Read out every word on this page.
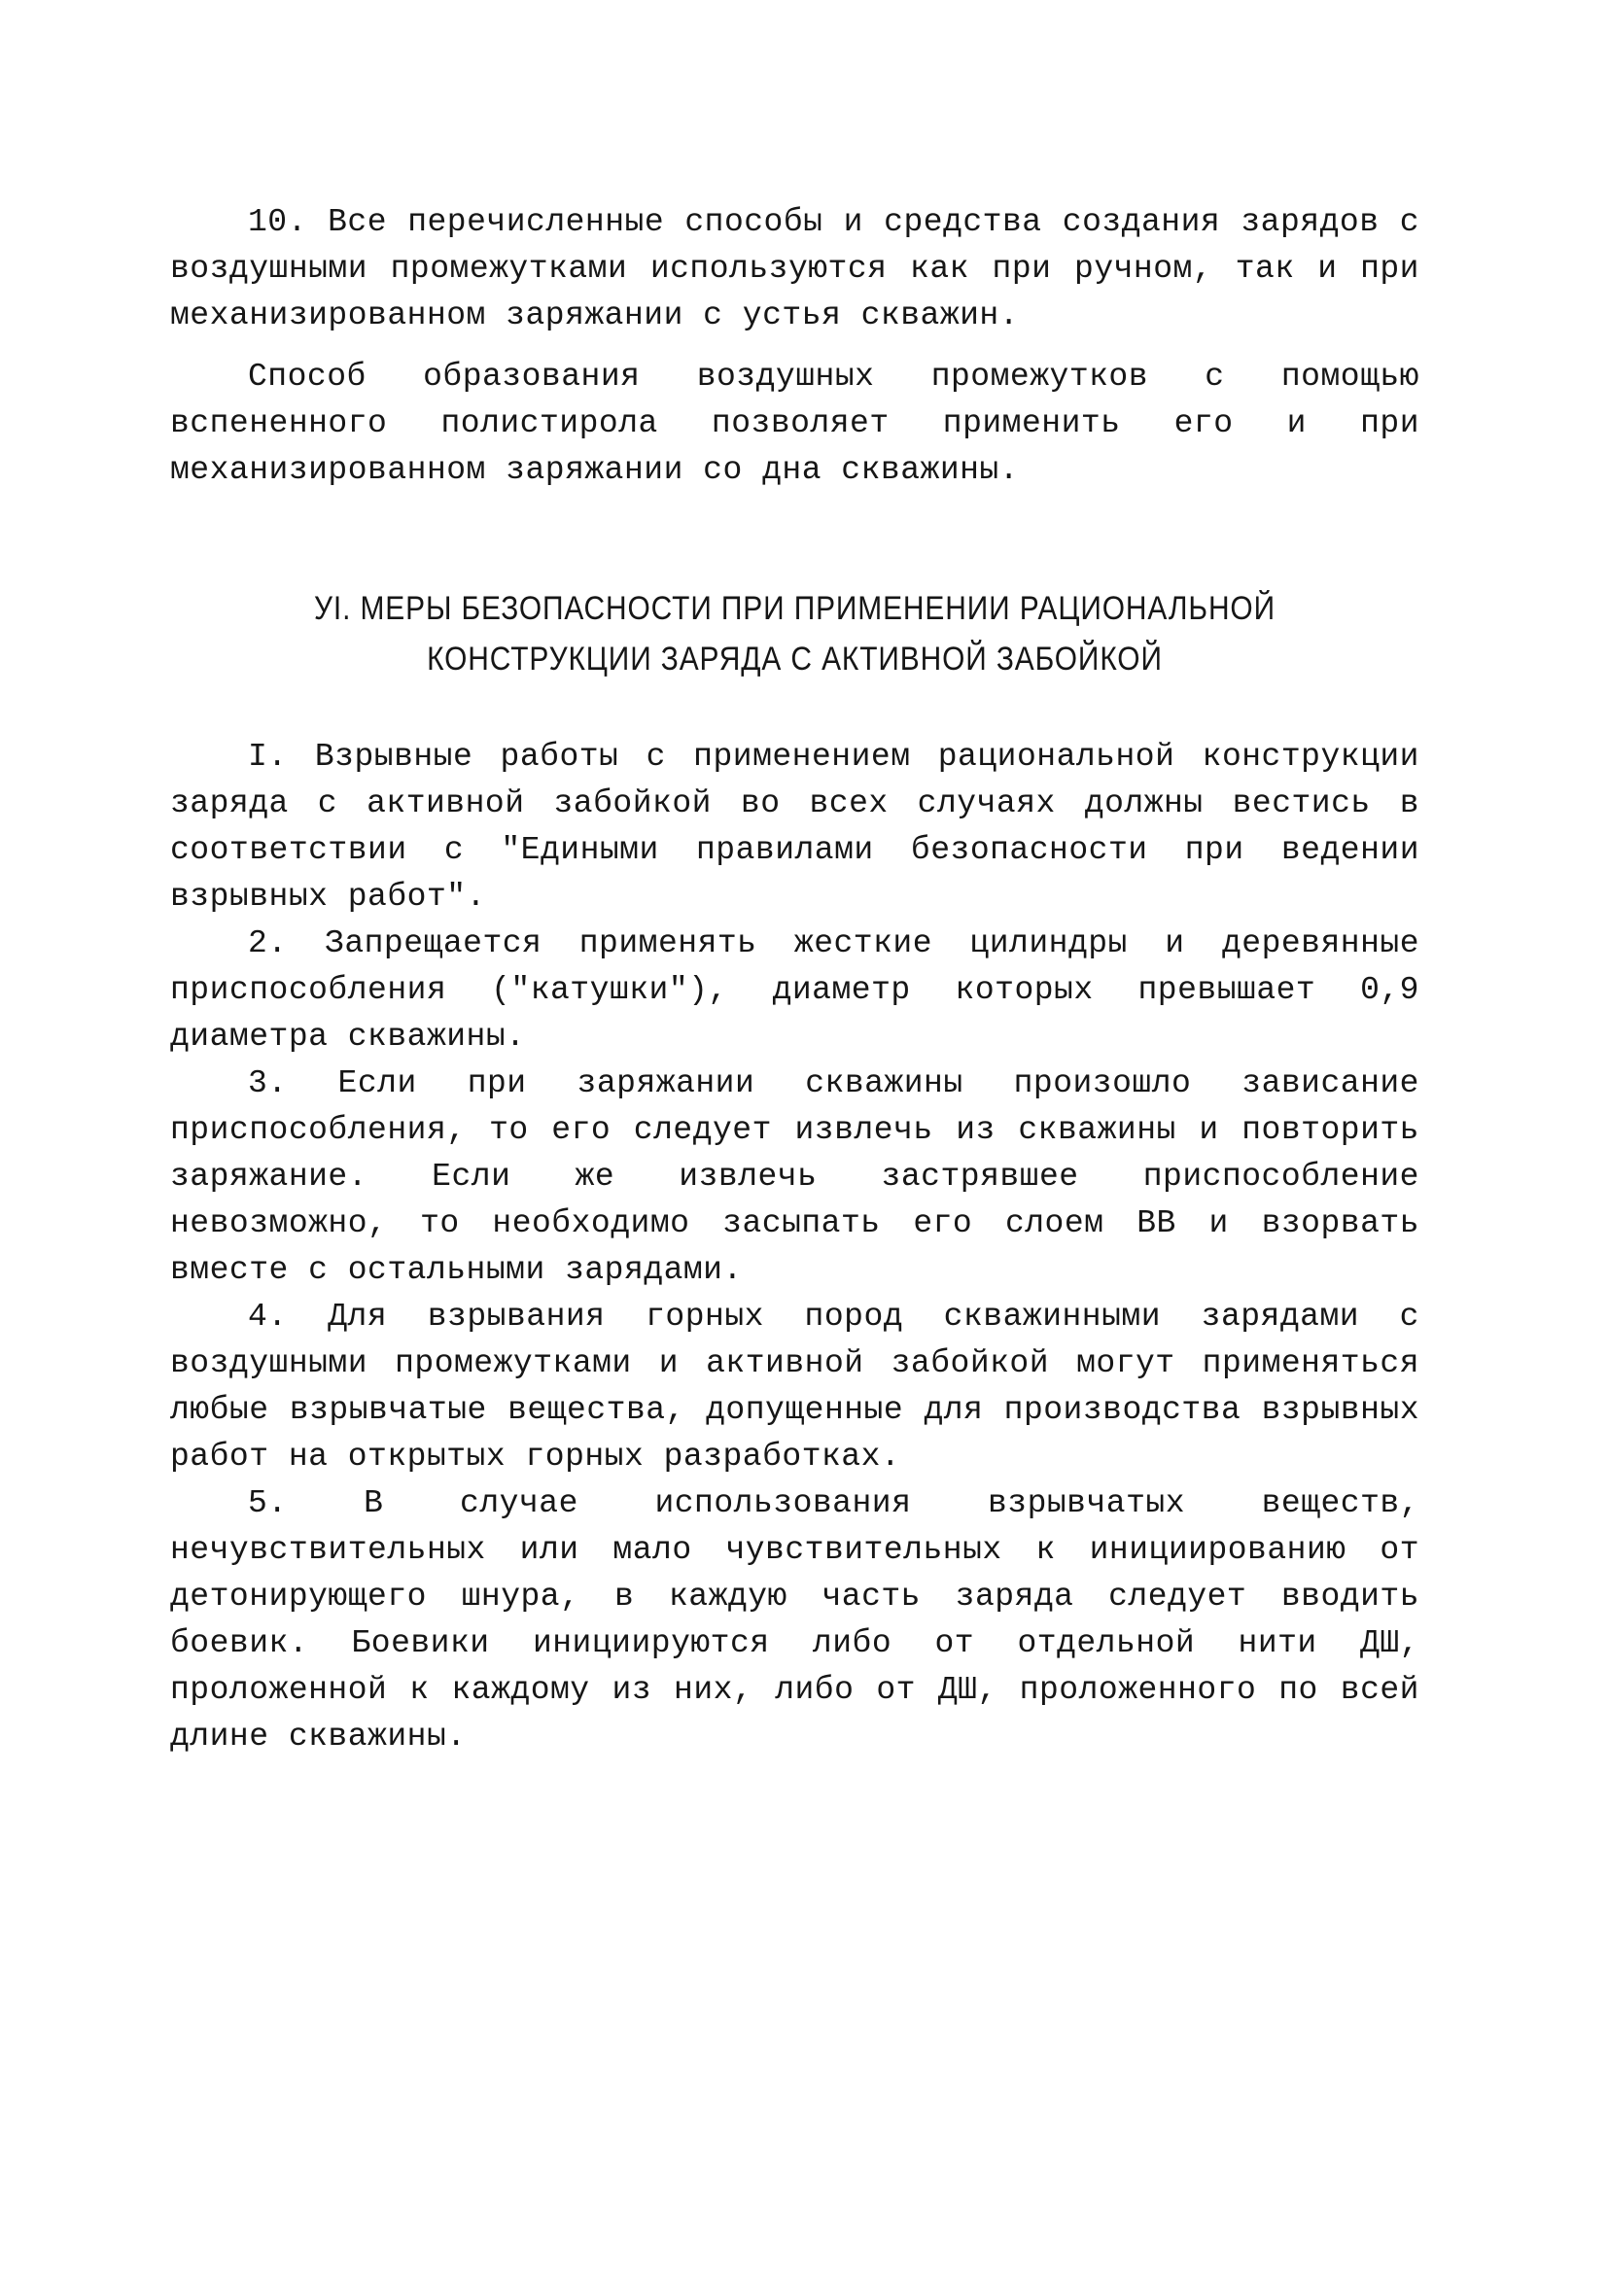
10. Все перечисленные способы и средства создания зарядов с воздушными промежутками используются как при ручном, так и при механизированном заряжании с устья скважин.

Способ образования воздушных промежутков с помощью вспененного полистирола позволяет применить его и при механизированном заряжании со дна скважины.

УI. МЕРЫ БЕЗОПАСНОСТИ ПРИ ПРИМЕНЕНИИ РАЦИОНАЛЬНОЙ
КОНСТРУКЦИИ ЗАРЯДА С АКТИВНОЙ ЗАБОЙКОЙ

I. Взрывные работы с применением рациональной конструкции заряда с активной забойкой во всех случаях должны вестись в соответствии с "Едиными правилами безопасности при ведении взрывных работ".

2. Запрещается применять жесткие цилиндры и деревянные приспособления ("катушки"), диаметр которых превышает 0,9 диаметра скважины.

3. Если при заряжании скважины произошло зависание приспособления, то его следует извлечь из скважины и повторить заряжание. Если же извлечь застрявшее приспособление невозможно, то необходимо засыпать его слоем ВВ и взорвать вместе с остальными зарядами.

4. Для взрывания горных пород скважинными зарядами с воздушными промежутками и активной забойкой могут применяться любые взрывчатые вещества, допущенные для производства взрывных работ на открытых горных разработках.

5. В случае использования взрывчатых веществ, нечувствительных или мало чувствительных к инициированию от детонирующего шнура, в каждую часть заряда следует вводить боевик. Боевики инициируются либо от отдельной нити ДШ, проложенной к каждому из них, либо от ДШ, проложенного по всей длине скважины.
